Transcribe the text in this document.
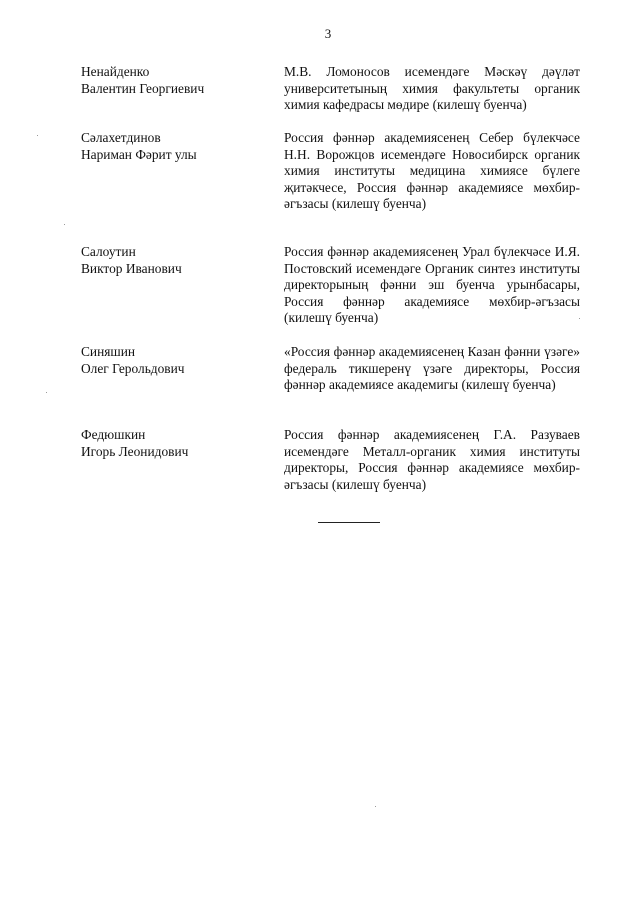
3
Ненайденко
Валентин Георгиевич
М.В. Ломоносов исемендәге Мәскәү дәүләт университетының химия факультеты органик химия кафедрасы мөдире (килешү буенча)
Сәлахетдинов
Нариман Фәрит улы
Россия фәннәр академиясенең Себер бүлекчәсе Н.Н. Ворожцов исемендәге Новосибирск органик химия институты медицина химиясе бүлеге җитәкчесе, Россия фәннәр академиясе мөхбир-әгъзасы (килешү буенча)
Салоутин
Виктор Иванович
Россия фәннәр академиясенең Урал бүлекчәсе И.Я. Постовский исемендәге Органик синтез институты директорының фәнни эш буенча урынбасары, Россия фәннәр академиясе мөхбир-әгъзасы (килешү буенча)
Синяшин
Олег Герольдович
«Россия фәннәр академиясенең Казан фәнни үзәге» федераль тикшеренү үзәге директоры, Россия фәннәр академиясе академигы (килешү буенча)
Федюшкин
Игорь Леонидович
Россия фәннәр академиясенең Г.А. Разуваев исемендәге Металл-органик химия институты директоры, Россия фәннәр академиясе мөхбир-әгъзасы (килешү буенча)
